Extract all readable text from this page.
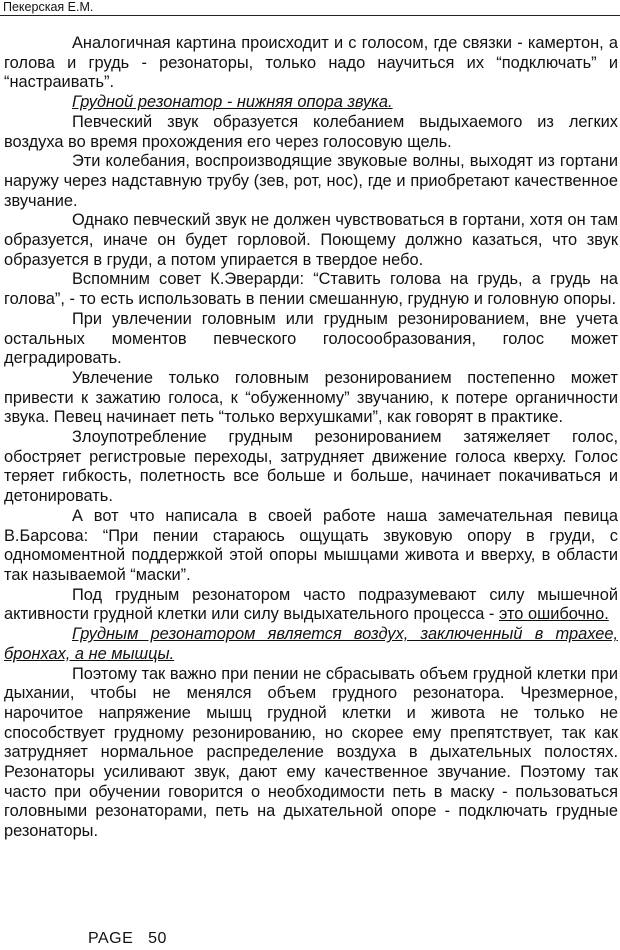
Пекерская Е.М.

Аналогичная картина происходит и с голосом, где связки - камертон, а голова и грудь - резонаторы, только надо научиться их “подключать” и “настраивать”.

Грудной резонатор - нижняя опора звука.

Певческий звук образуется колебанием выдыхаемого из легких воздуха во время прохождения его через голосовую щель.

Эти колебания, воспроизводящие звуковые волны, выходят из гортани наружу через надставную трубу (зев, рот, нос), где и приобретают качественное звучание.

Однако певческий звук не должен чувствоваться в гортани, хотя он там образуется, иначе он будет горловой. Поющему должно казаться, что звук образуется в груди, а потом упирается в твердое небо.

Вспомним совет К.Эверарди: “Ставить голова на грудь, а грудь на голова”, - то есть использовать в пении смешанную, грудную и головную опоры.

При увлечении головным или грудным резонированием, вне учета остальных моментов певческого голосообразования, голос может деградировать.

Увлечение только головным резонированием постепенно может привести к зажатию голоса, к “обуженному” звучанию, к потере органичности звука. Певец начинает петь “только верхушками”, как говорят в практике.

Злоупотребление грудным резонированием затяжеляет голос, обостряет регистровые переходы, затрудняет движение голоса кверху. Голос теряет гибкость, полетность все больше и больше, начинает покачиваться и детонировать.

А вот что написала в своей работе наша замечательная певица В.Барсова: “При пении стараюсь ощущать звуковую опору в груди, с одномоментной поддержкой этой опоры мышцами живота и вверху, в области так называемой “маски”.

Под грудным резонатором часто подразумевают силу мышечной активности грудной клетки или силу выдыхательного процесса - это ошибочно.

Грудным резонатором является воздух, заключенный в трахее, бронхах, а не мышцы.

Поэтому так важно при пении не сбрасывать объем грудной клетки при дыхании, чтобы не менялся объем грудного резонатора. Чрезмерное, нарочитое напряжение мышц грудной клетки и живота не только не способствует грудному резонированию, но скорее ему препятствует, так как затрудняет нормальное распределение воздуха в дыхательных полостях. Резонаторы усиливают звук, дают ему качественное звучание. Поэтому так часто при обучении говорится о необходимости петь в маску - пользоваться головными резонаторами, петь на дыхательной опоре - подключать грудные резонаторы.

PAGE 50
